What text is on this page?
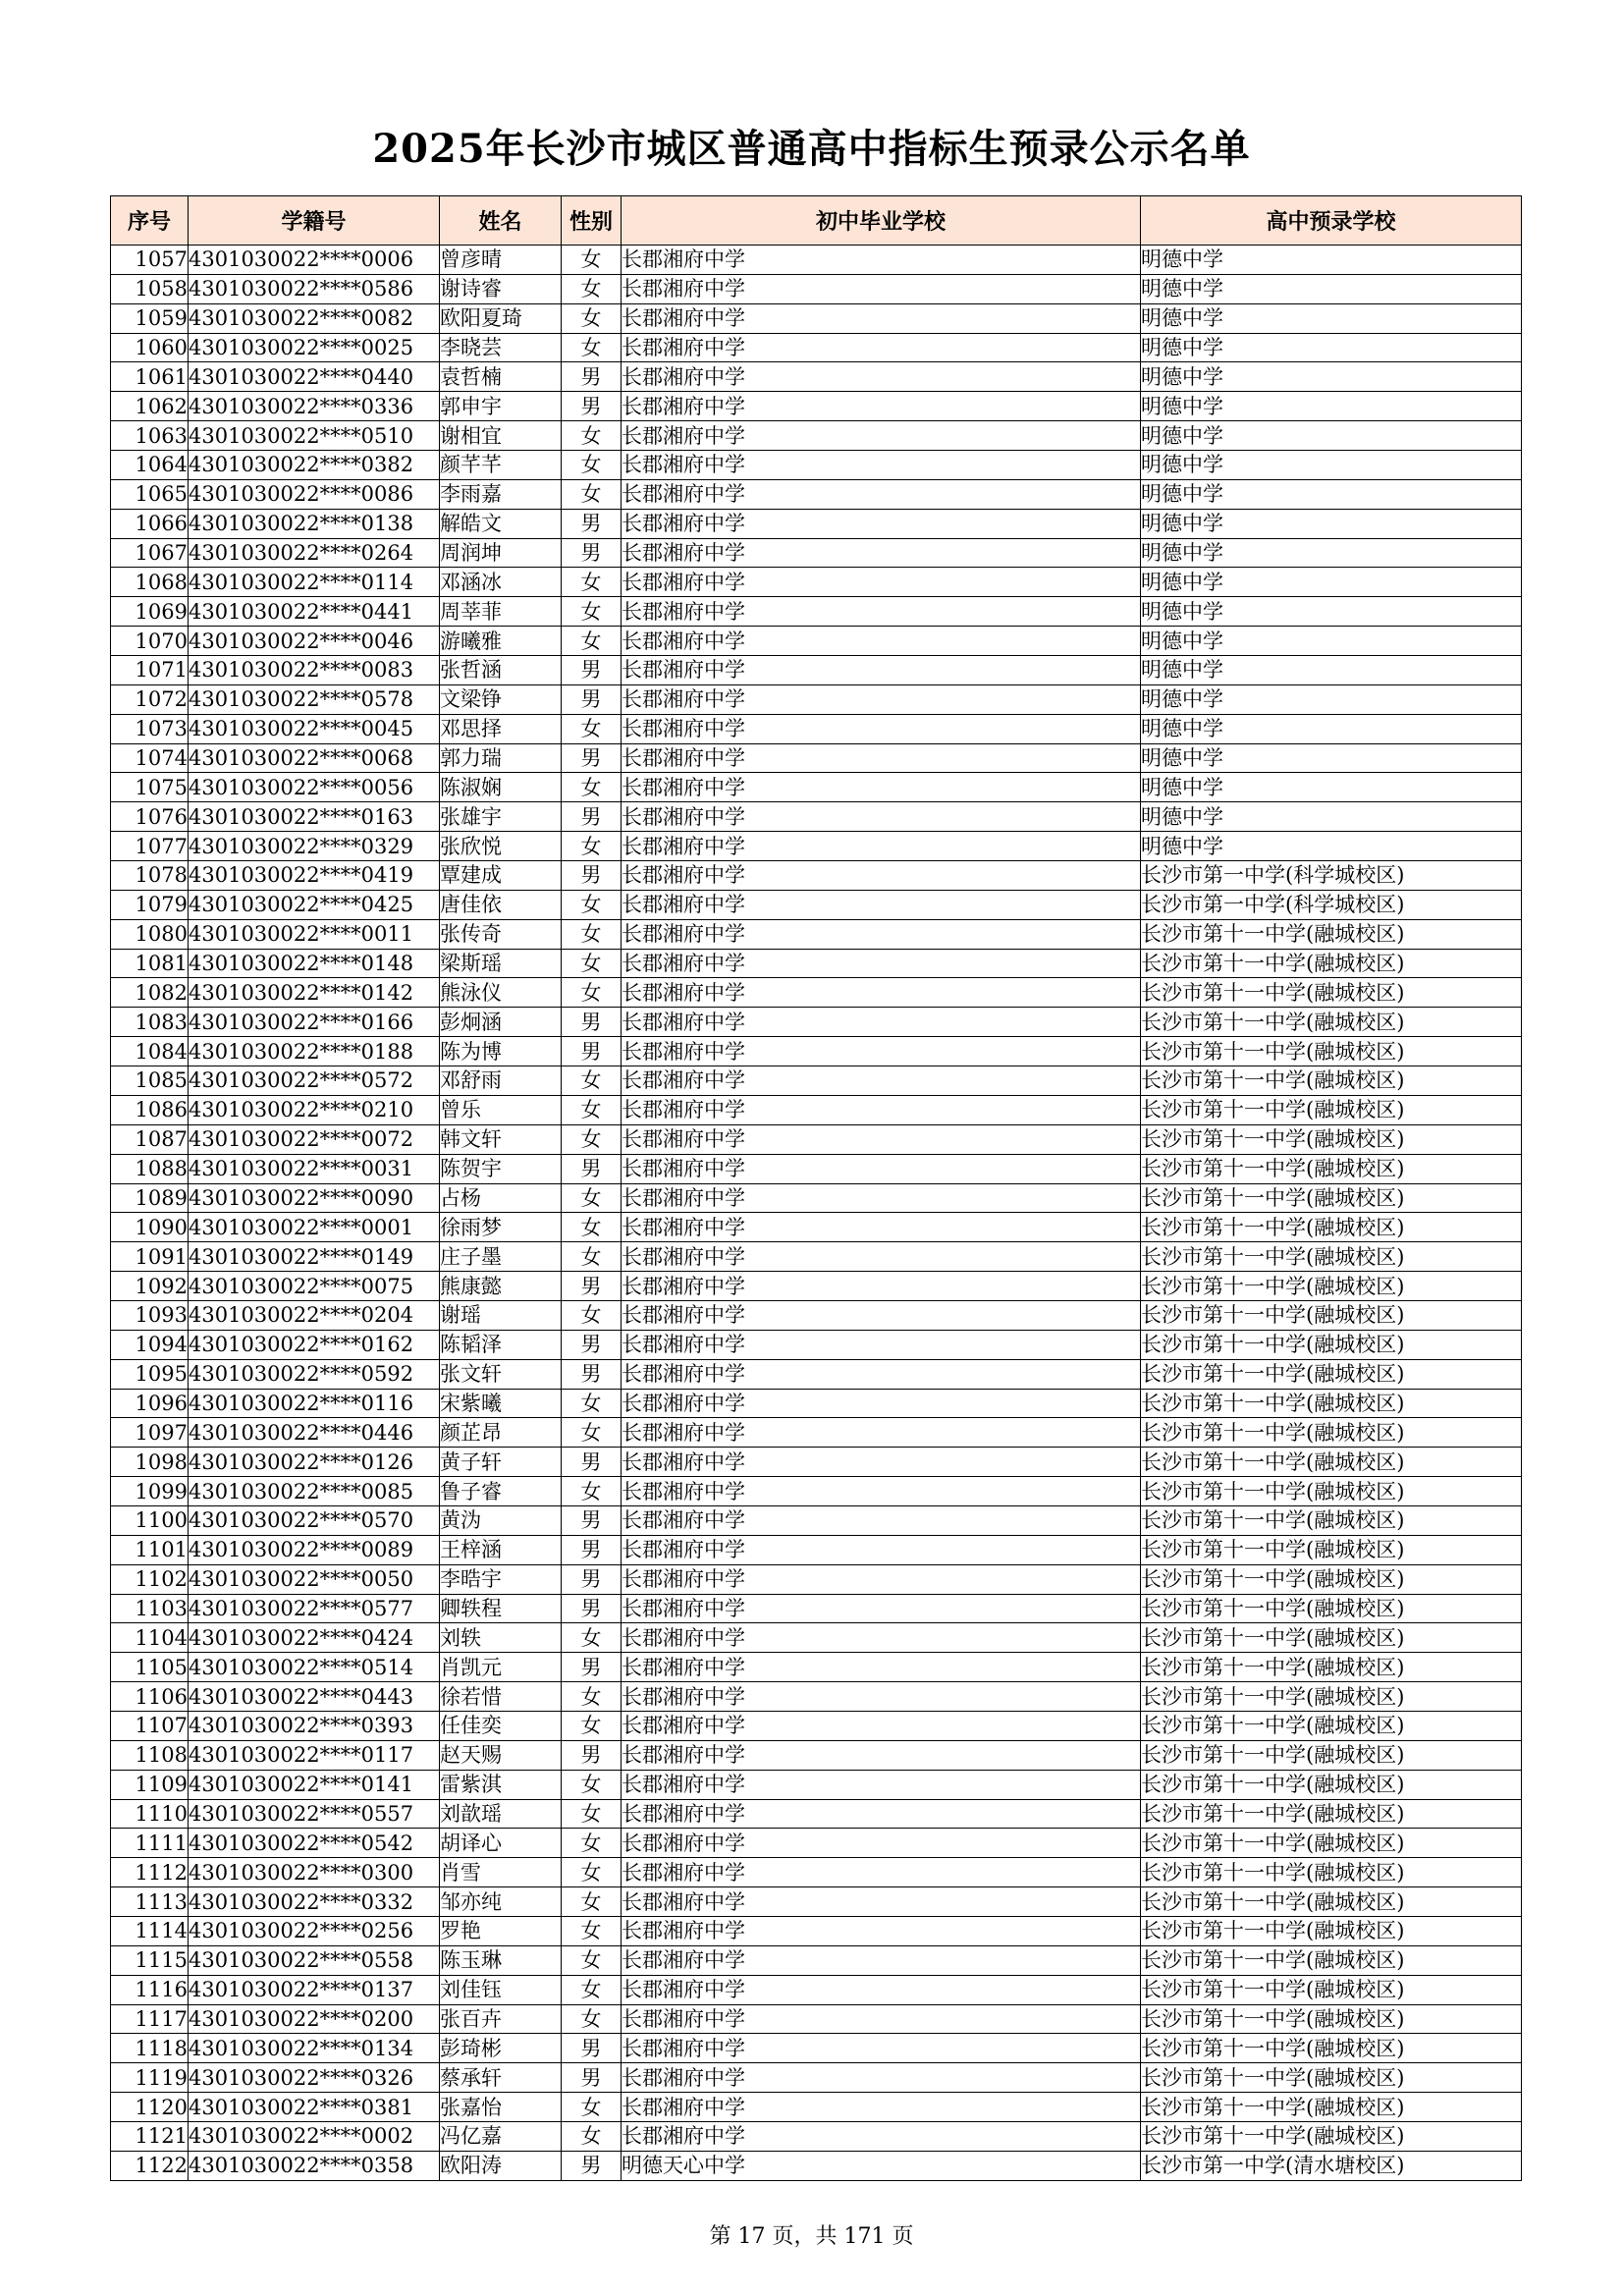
2025年长沙市城区普通高中指标生预录公示名单
序号	学籍号	姓名	性别	初中毕业学校	高中预录学校
1057	4301030022****0006	曾彦晴	女	长郡湘府中学	明德中学
1058	4301030022****0586	谢诗睿	女	长郡湘府中学	明德中学
1059	4301030022****0082	欧阳夏琦	女	长郡湘府中学	明德中学
1060	4301030022****0025	李晓芸	女	长郡湘府中学	明德中学
1061	4301030022****0440	袁哲楠	男	长郡湘府中学	明德中学
1062	4301030022****0336	郭申宇	男	长郡湘府中学	明德中学
1063	4301030022****0510	谢相宜	女	长郡湘府中学	明德中学
1064	4301030022****0382	颜芊芊	女	长郡湘府中学	明德中学
1065	4301030022****0086	李雨嘉	女	长郡湘府中学	明德中学
1066	4301030022****0138	解皓文	男	长郡湘府中学	明德中学
1067	4301030022****0264	周润坤	男	长郡湘府中学	明德中学
1068	4301030022****0114	邓涵冰	女	长郡湘府中学	明德中学
1069	4301030022****0441	周莘菲	女	长郡湘府中学	明德中学
1070	4301030022****0046	游曦雅	女	长郡湘府中学	明德中学
1071	4301030022****0083	张哲涵	男	长郡湘府中学	明德中学
1072	4301030022****0578	文梁铮	男	长郡湘府中学	明德中学
1073	4301030022****0045	邓思择	女	长郡湘府中学	明德中学
1074	4301030022****0068	郭力瑞	男	长郡湘府中学	明德中学
1075	4301030022****0056	陈淑娴	女	长郡湘府中学	明德中学
1076	4301030022****0163	张雄宇	男	长郡湘府中学	明德中学
1077	4301030022****0329	张欣悦	女	长郡湘府中学	明德中学
1078	4301030022****0419	覃建成	男	长郡湘府中学	长沙市第一中学(科学城校区)
1079	4301030022****0425	唐佳依	女	长郡湘府中学	长沙市第一中学(科学城校区)
1080	4301030022****0011	张传奇	女	长郡湘府中学	长沙市第十一中学(融城校区)
1081	4301030022****0148	梁斯瑶	女	长郡湘府中学	长沙市第十一中学(融城校区)
1082	4301030022****0142	熊泳仪	女	长郡湘府中学	长沙市第十一中学(融城校区)
1083	4301030022****0166	彭炯涵	男	长郡湘府中学	长沙市第十一中学(融城校区)
1084	4301030022****0188	陈为博	男	长郡湘府中学	长沙市第十一中学(融城校区)
1085	4301030022****0572	邓舒雨	女	长郡湘府中学	长沙市第十一中学(融城校区)
1086	4301030022****0210	曾乐	女	长郡湘府中学	长沙市第十一中学(融城校区)
1087	4301030022****0072	韩文轩	女	长郡湘府中学	长沙市第十一中学(融城校区)
1088	4301030022****0031	陈贺宇	男	长郡湘府中学	长沙市第十一中学(融城校区)
1089	4301030022****0090	占杨	女	长郡湘府中学	长沙市第十一中学(融城校区)
1090	4301030022****0001	徐雨梦	女	长郡湘府中学	长沙市第十一中学(融城校区)
1091	4301030022****0149	庄子墨	女	长郡湘府中学	长沙市第十一中学(融城校区)
1092	4301030022****0075	熊康懿	男	长郡湘府中学	长沙市第十一中学(融城校区)
1093	4301030022****0204	谢瑶	女	长郡湘府中学	长沙市第十一中学(融城校区)
1094	4301030022****0162	陈韬泽	男	长郡湘府中学	长沙市第十一中学(融城校区)
1095	4301030022****0592	张文轩	男	长郡湘府中学	长沙市第十一中学(融城校区)
1096	4301030022****0116	宋紫曦	女	长郡湘府中学	长沙市第十一中学(融城校区)
1097	4301030022****0446	颜芷昂	女	长郡湘府中学	长沙市第十一中学(融城校区)
1098	4301030022****0126	黄子轩	男	长郡湘府中学	长沙市第十一中学(融城校区)
1099	4301030022****0085	鲁子睿	女	长郡湘府中学	长沙市第十一中学(融城校区)
1100	4301030022****0570	黄沩	男	长郡湘府中学	长沙市第十一中学(融城校区)
1101	4301030022****0089	王梓涵	男	长郡湘府中学	长沙市第十一中学(融城校区)
1102	4301030022****0050	李晧宇	男	长郡湘府中学	长沙市第十一中学(融城校区)
1103	4301030022****0577	卿轶程	男	长郡湘府中学	长沙市第十一中学(融城校区)
1104	4301030022****0424	刘轶	女	长郡湘府中学	长沙市第十一中学(融城校区)
1105	4301030022****0514	肖凯元	男	长郡湘府中学	长沙市第十一中学(融城校区)
1106	4301030022****0443	徐若惜	女	长郡湘府中学	长沙市第十一中学(融城校区)
1107	4301030022****0393	任佳奕	女	长郡湘府中学	长沙市第十一中学(融城校区)
1108	4301030022****0117	赵天赐	男	长郡湘府中学	长沙市第十一中学(融城校区)
1109	4301030022****0141	雷紫淇	女	长郡湘府中学	长沙市第十一中学(融城校区)
1110	4301030022****0557	刘歆瑶	女	长郡湘府中学	长沙市第十一中学(融城校区)
1111	4301030022****0542	胡译心	女	长郡湘府中学	长沙市第十一中学(融城校区)
1112	4301030022****0300	肖雪	女	长郡湘府中学	长沙市第十一中学(融城校区)
1113	4301030022****0332	邹亦纯	女	长郡湘府中学	长沙市第十一中学(融城校区)
1114	4301030022****0256	罗艳	女	长郡湘府中学	长沙市第十一中学(融城校区)
1115	4301030022****0558	陈玉琳	女	长郡湘府中学	长沙市第十一中学(融城校区)
1116	4301030022****0137	刘佳钰	女	长郡湘府中学	长沙市第十一中学(融城校区)
1117	4301030022****0200	张百卉	女	长郡湘府中学	长沙市第十一中学(融城校区)
1118	4301030022****0134	彭琦彬	男	长郡湘府中学	长沙市第十一中学(融城校区)
1119	4301030022****0326	蔡承轩	男	长郡湘府中学	长沙市第十一中学(融城校区)
1120	4301030022****0381	张嘉怡	女	长郡湘府中学	长沙市第十一中学(融城校区)
1121	4301030022****0002	冯亿嘉	女	长郡湘府中学	长沙市第十一中学(融城校区)
1122	4301030022****0358	欧阳涛	男	明德天心中学	长沙市第一中学(清水塘校区)
第 17 页，共 171 页
